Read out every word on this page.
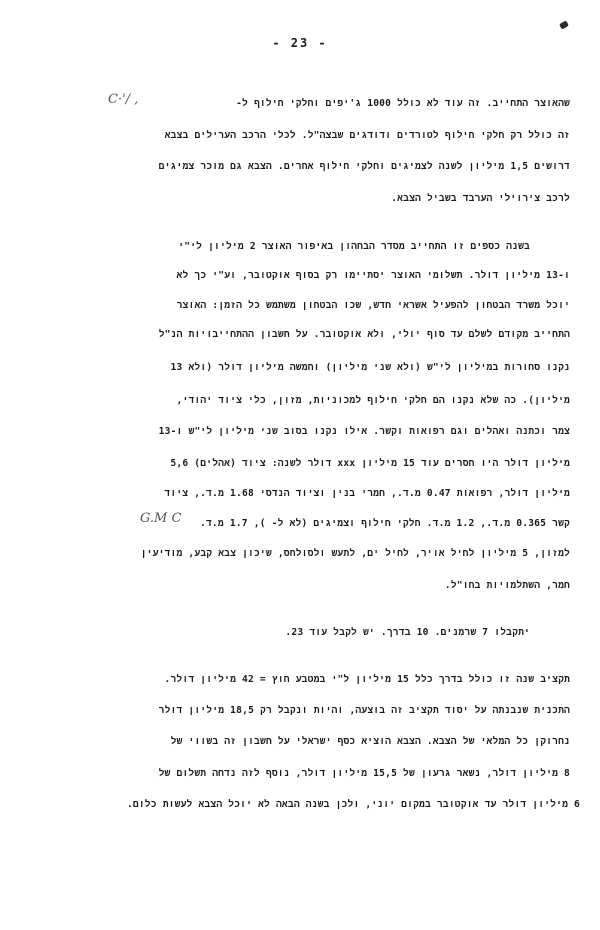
- 23 -
שהאוצר התחייב. זה עוד לא כולל 1000 ג'יפים וחלקי חילוף ל-
זה כולל רק חלקי חילוף לטורדים ודודגים שבצה"ל. לכלי הרכב הערילים בצבא
דרושים 1,5 מיליון לשנה לצמיגים וחלקי חילוף אחרים. הצבא גם מוכר צמיגים
לרכב צירוילי הערבד בשביל הצבא.
בשנה כספים זו התחייב מסדר הבחהון באיפור האוצר 2 מיליון לי"י
ו-13 מיליון דולר. תשלומי האוצר יסתיימו רק בסוף אוקטובר, וע"י כך לא
יוכל משרד הבטחון להפעיל אשראי חדש, שכו הבטחון משתמש כל הזמן: האוצר
התחייב מקודם לשלם עד סוף יולי, ולא אוקטובר. על חשבון ההתחייבויות הנ"ל
נקנו סחורות במיליון לי"ש (ולא שני מיליון) וחמשה מיליון דולר (ולא 13
מיליון). כה שלא נקנו הם חלקי חילוף למכוניות, מזון, כלי ציוד יהודי,
צמר וכתנה ואהלים וגם רפואות וקשר. אילו נקנו בסוב שני מיליון לי"ש ו-13
מיליון דולר היו חסרים עוד 15 מיליון xxx דולר לשנה: ציוד (אהלים) 5,6
מיליון דולר, רפואות 0.47 מ.ד., חמרי בנין וציוד הנדסי 1.68 מ.ד., ציוד
קשר 0.365 מ.ד., 1.2 מ.ד. חלקי חילוף וצמיגים (לא ל- ), 1.7 מ.ד.
למזון, 5 מיליון לחיל אויר, לחיל ים, לתעש ולסולחס, שיכון צבא קבע, מודיעין
חמר, השתלמויות בחו"ל.
יתקבלו 7 שרמנים. 10 בדרך. יש לקבל עוד 23.
תקציב שנה זו כולל בדרך כלל 15 מיליון ל"י במטבע חוץ = 42 מיליון דולר.
התכנית שנבנתה על יסוד תקציב זה בוצעה, והיות ונקבל רק 18,5 מיליון דולר
נחרוקן כל המלאי של הצבא. הצבא הוציא כסף ישראלי על חשבון זה בשווי של
8 מיליון דולר, נשאר גרעון של 15,5 מיליון דולר, נוסף לזה נדחה תשלום של
6 מיליון דולר עד אוקטובר במקום יוני, ולכן בשנה הבאה לא יוכל הצבא לעשות כלום.
C·'/ ,
G.M C
